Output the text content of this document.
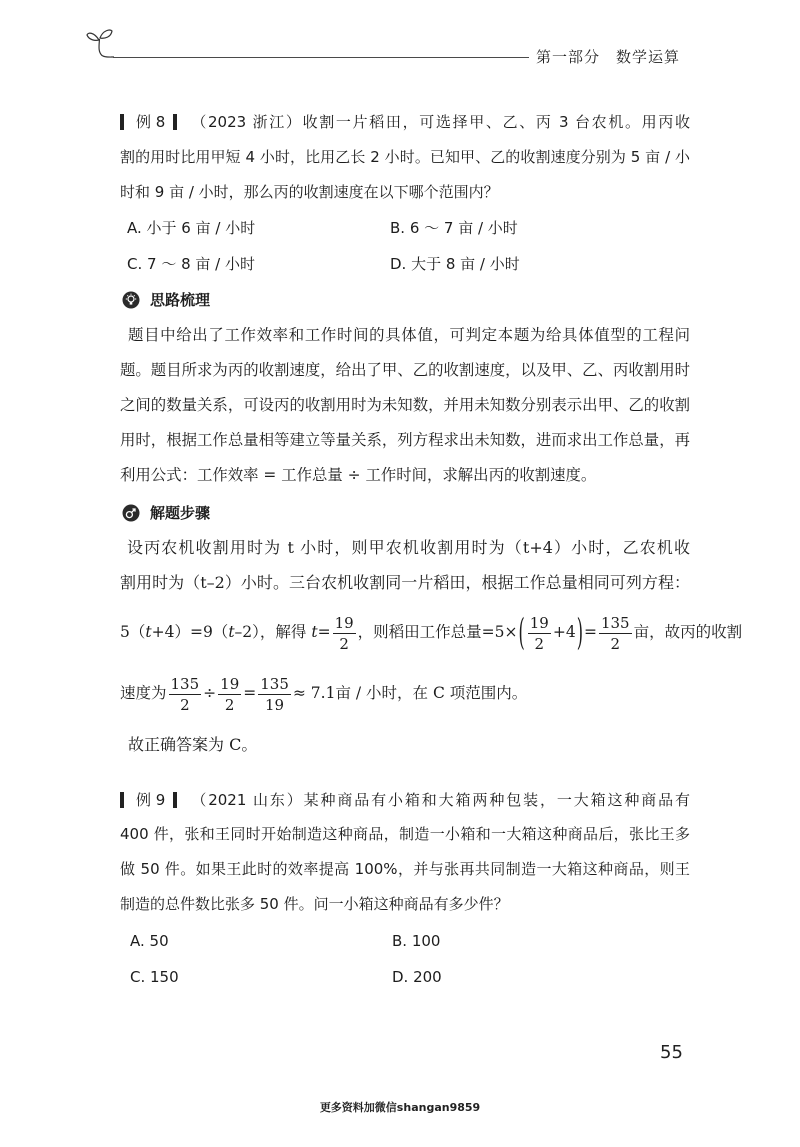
第一部分　数学运算
例 8 （2023 浙江）收割一片稻田，可选择甲、乙、丙 3 台农机。用丙收
割的用时比用甲短 4 小时，比用乙长 2 小时。已知甲、乙的收割速度分别为 5 亩 / 小
时和 9 亩 / 小时，那么丙的收割速度在以下哪个范围内？
A. 小于 6 亩 / 小时	B. 6 ～ 7 亩 / 小时
C. 7 ～ 8 亩 / 小时	D. 大于 8 亩 / 小时
思路梳理
题目中给出了工作效率和工作时间的具体值，可判定本题为给具体值型的工程问
题。题目所求为丙的收割速度，给出了甲、乙的收割速度，以及甲、乙、丙收割用时
之间的数量关系，可设丙的收割用时为未知数，并用未知数分别表示出甲、乙的收割
用时，根据工作总量相等建立等量关系，列方程求出未知数，进而求出工作总量，再
利用公式：工作效率 = 工作总量 ÷ 工作时间，求解出丙的收割速度。
解题步骤
设丙农机收割用时为 t 小时，则甲农机收割用时为（t+4）小时，乙农机收
割用时为（t–2）小时。三台农机收割同一片稻田，根据工作总量相同可列方程：
5（t+4）=9（t–2），解得 $t= \frac{19}{2}$ ，则稻田工作总量$=5\times( \frac{19}{2} +4)= \frac{135}{2}$ 亩，故丙的收割
速度为 $\frac{135}{2} \div \frac{19}{2} = \frac{135}{19} \approx 7.1$亩 / 小时，在 C 项范围内。
故正确答案为 C。
例 9 （2021 山东）某种商品有小箱和大箱两种包装，一大箱这种商品有
400 件，张和王同时开始制造这种商品，制造一小箱和一大箱这种商品后，张比王多
做 50 件。如果王此时的效率提高 100%，并与张再共同制造一大箱这种商品，则王
制造的总件数比张多 50 件。问一小箱这种商品有多少件？
A. 50	B. 100
C. 150	D. 200
55
更多资料加微信shangan9859
